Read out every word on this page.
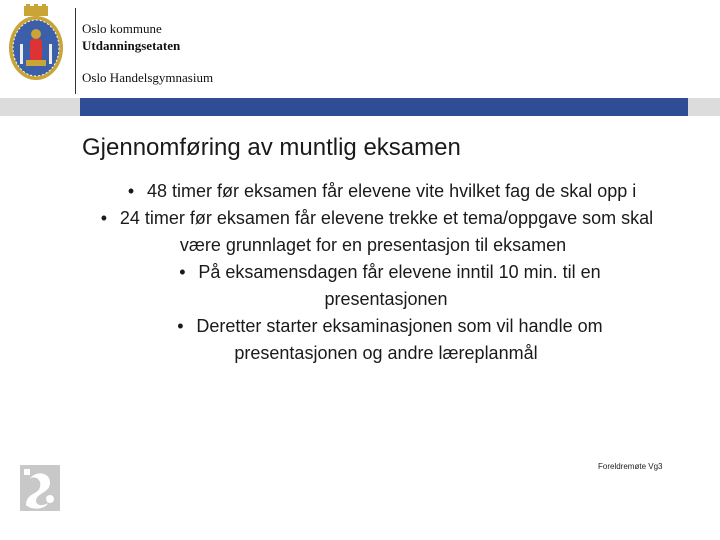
Oslo kommune
Utdanningsetaten
Oslo Handelsgymnasium
Gjennomføring av muntlig eksamen
• 48 timer før eksamen får elevene vite hvilket fag de skal opp i
• 24 timer før eksamen får elevene trekke et tema/oppgave som skal være grunnlaget for en presentasjon til eksamen
• På eksamensdagen får elevene inntil 10 min. til en presentasjonen
• Deretter starter eksaminasjonen som vil handle om presentasjonen og andre læreplanmål
Foreldremøte Vg3
